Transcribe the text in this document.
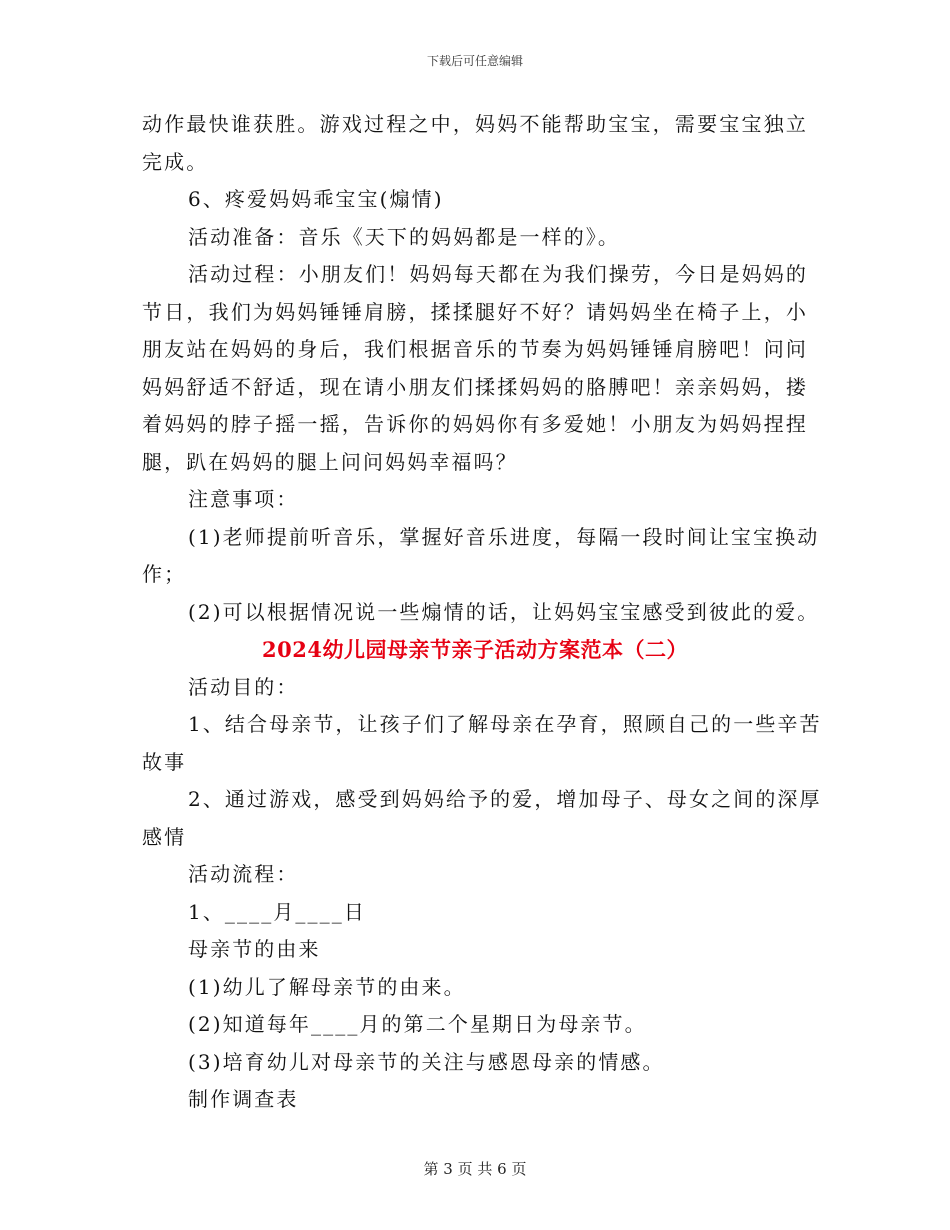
下载后可任意编辑
动作最快谁获胜。游戏过程之中，妈妈不能帮助宝宝，需要宝宝独立
完成。
6、疼爱妈妈乖宝宝(煽情)
活动准备：音乐《天下的妈妈都是一样的》。
活动过程：小朋友们！妈妈每天都在为我们操劳，今日是妈妈的
节日，我们为妈妈锤锤肩膀，揉揉腿好不好？请妈妈坐在椅子上，小
朋友站在妈妈的身后，我们根据音乐的节奏为妈妈锤锤肩膀吧！问问
妈妈舒适不舒适，现在请小朋友们揉揉妈妈的胳膊吧！亲亲妈妈，搂
着妈妈的脖子摇一摇，告诉你的妈妈你有多爱她！小朋友为妈妈捏捏
腿，趴在妈妈的腿上问问妈妈幸福吗？
注意事项：
(1)老师提前听音乐，掌握好音乐进度，每隔一段时间让宝宝换动
作；
(2)可以根据情况说一些煽情的话，让妈妈宝宝感受到彼此的爱。
2024幼儿园母亲节亲子活动方案范本（二）
活动目的：
1、结合母亲节，让孩子们了解母亲在孕育，照顾自己的一些辛苦
故事
2、通过游戏，感受到妈妈给予的爱，增加母子、母女之间的深厚
感情
活动流程：
1、____月____日
母亲节的由来
(1)幼儿了解母亲节的由来。
(2)知道每年____月的第二个星期日为母亲节。
(3)培育幼儿对母亲节的关注与感恩母亲的情感。
制作调查表
第 3 页 共 6 页
